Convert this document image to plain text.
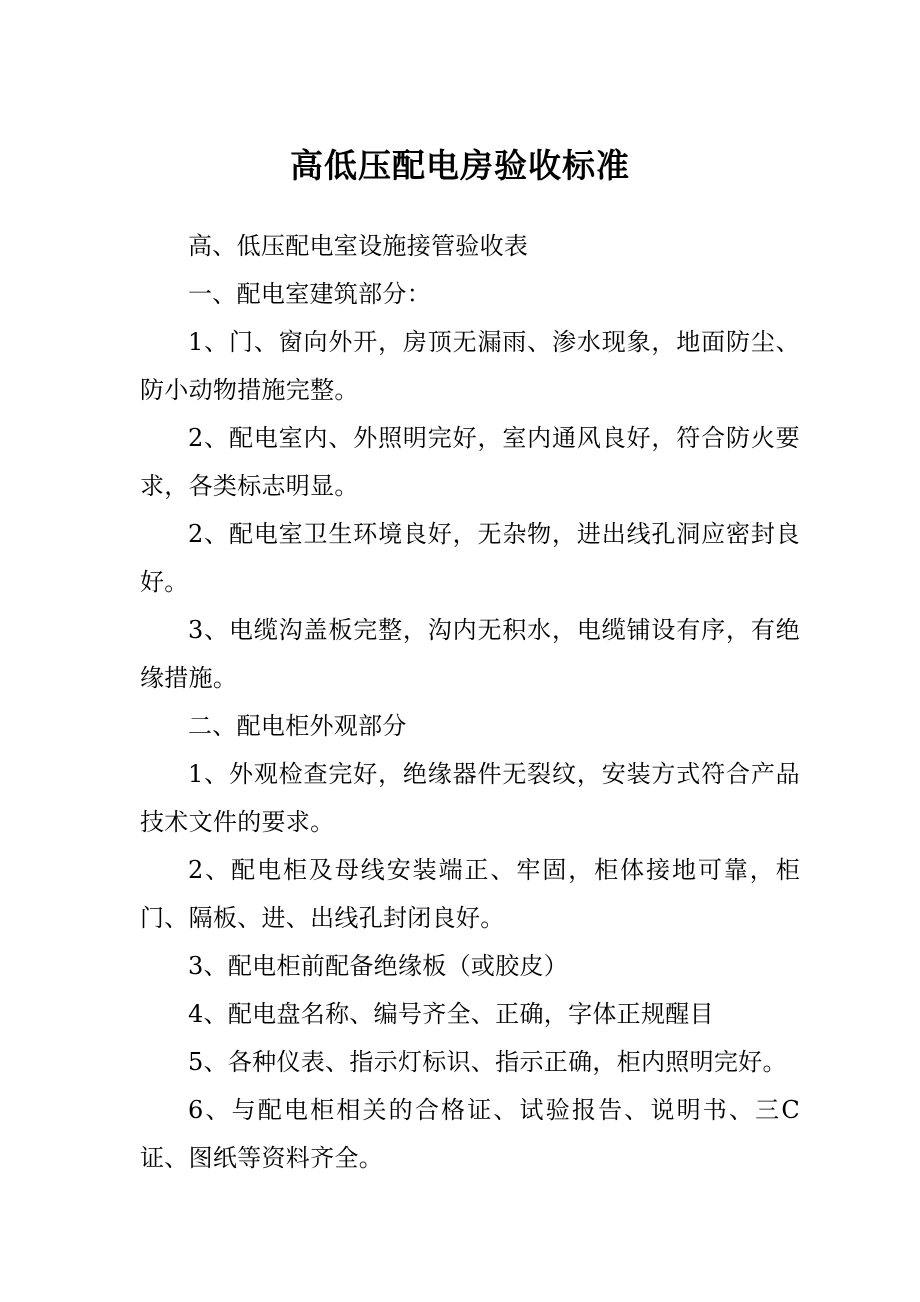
高低压配电房验收标准

高、低压配电室设施接管验收表

一、配电室建筑部分：

1、门、窗向外开，房顶无漏雨、渗水现象，地面防尘、防小动物措施完整。

2、配电室内、外照明完好，室内通风良好，符合防火要求，各类标志明显。

2、配电室卫生环境良好，无杂物，进出线孔洞应密封良好。

3、电缆沟盖板完整，沟内无积水，电缆铺设有序，有绝缘措施。

二、配电柜外观部分

1、外观检查完好，绝缘器件无裂纹，安装方式符合产品技术文件的要求。

2、配电柜及母线安装端正、牢固，柜体接地可靠，柜门、隔板、进、出线孔封闭良好。

3、配电柜前配备绝缘板（或胶皮）

4、配电盘名称、编号齐全、正确，字体正规醒目

5、各种仪表、指示灯标识、指示正确，柜内照明完好。

6、与配电柜相关的合格证、试验报告、说明书、三C证、图纸等资料齐全。
